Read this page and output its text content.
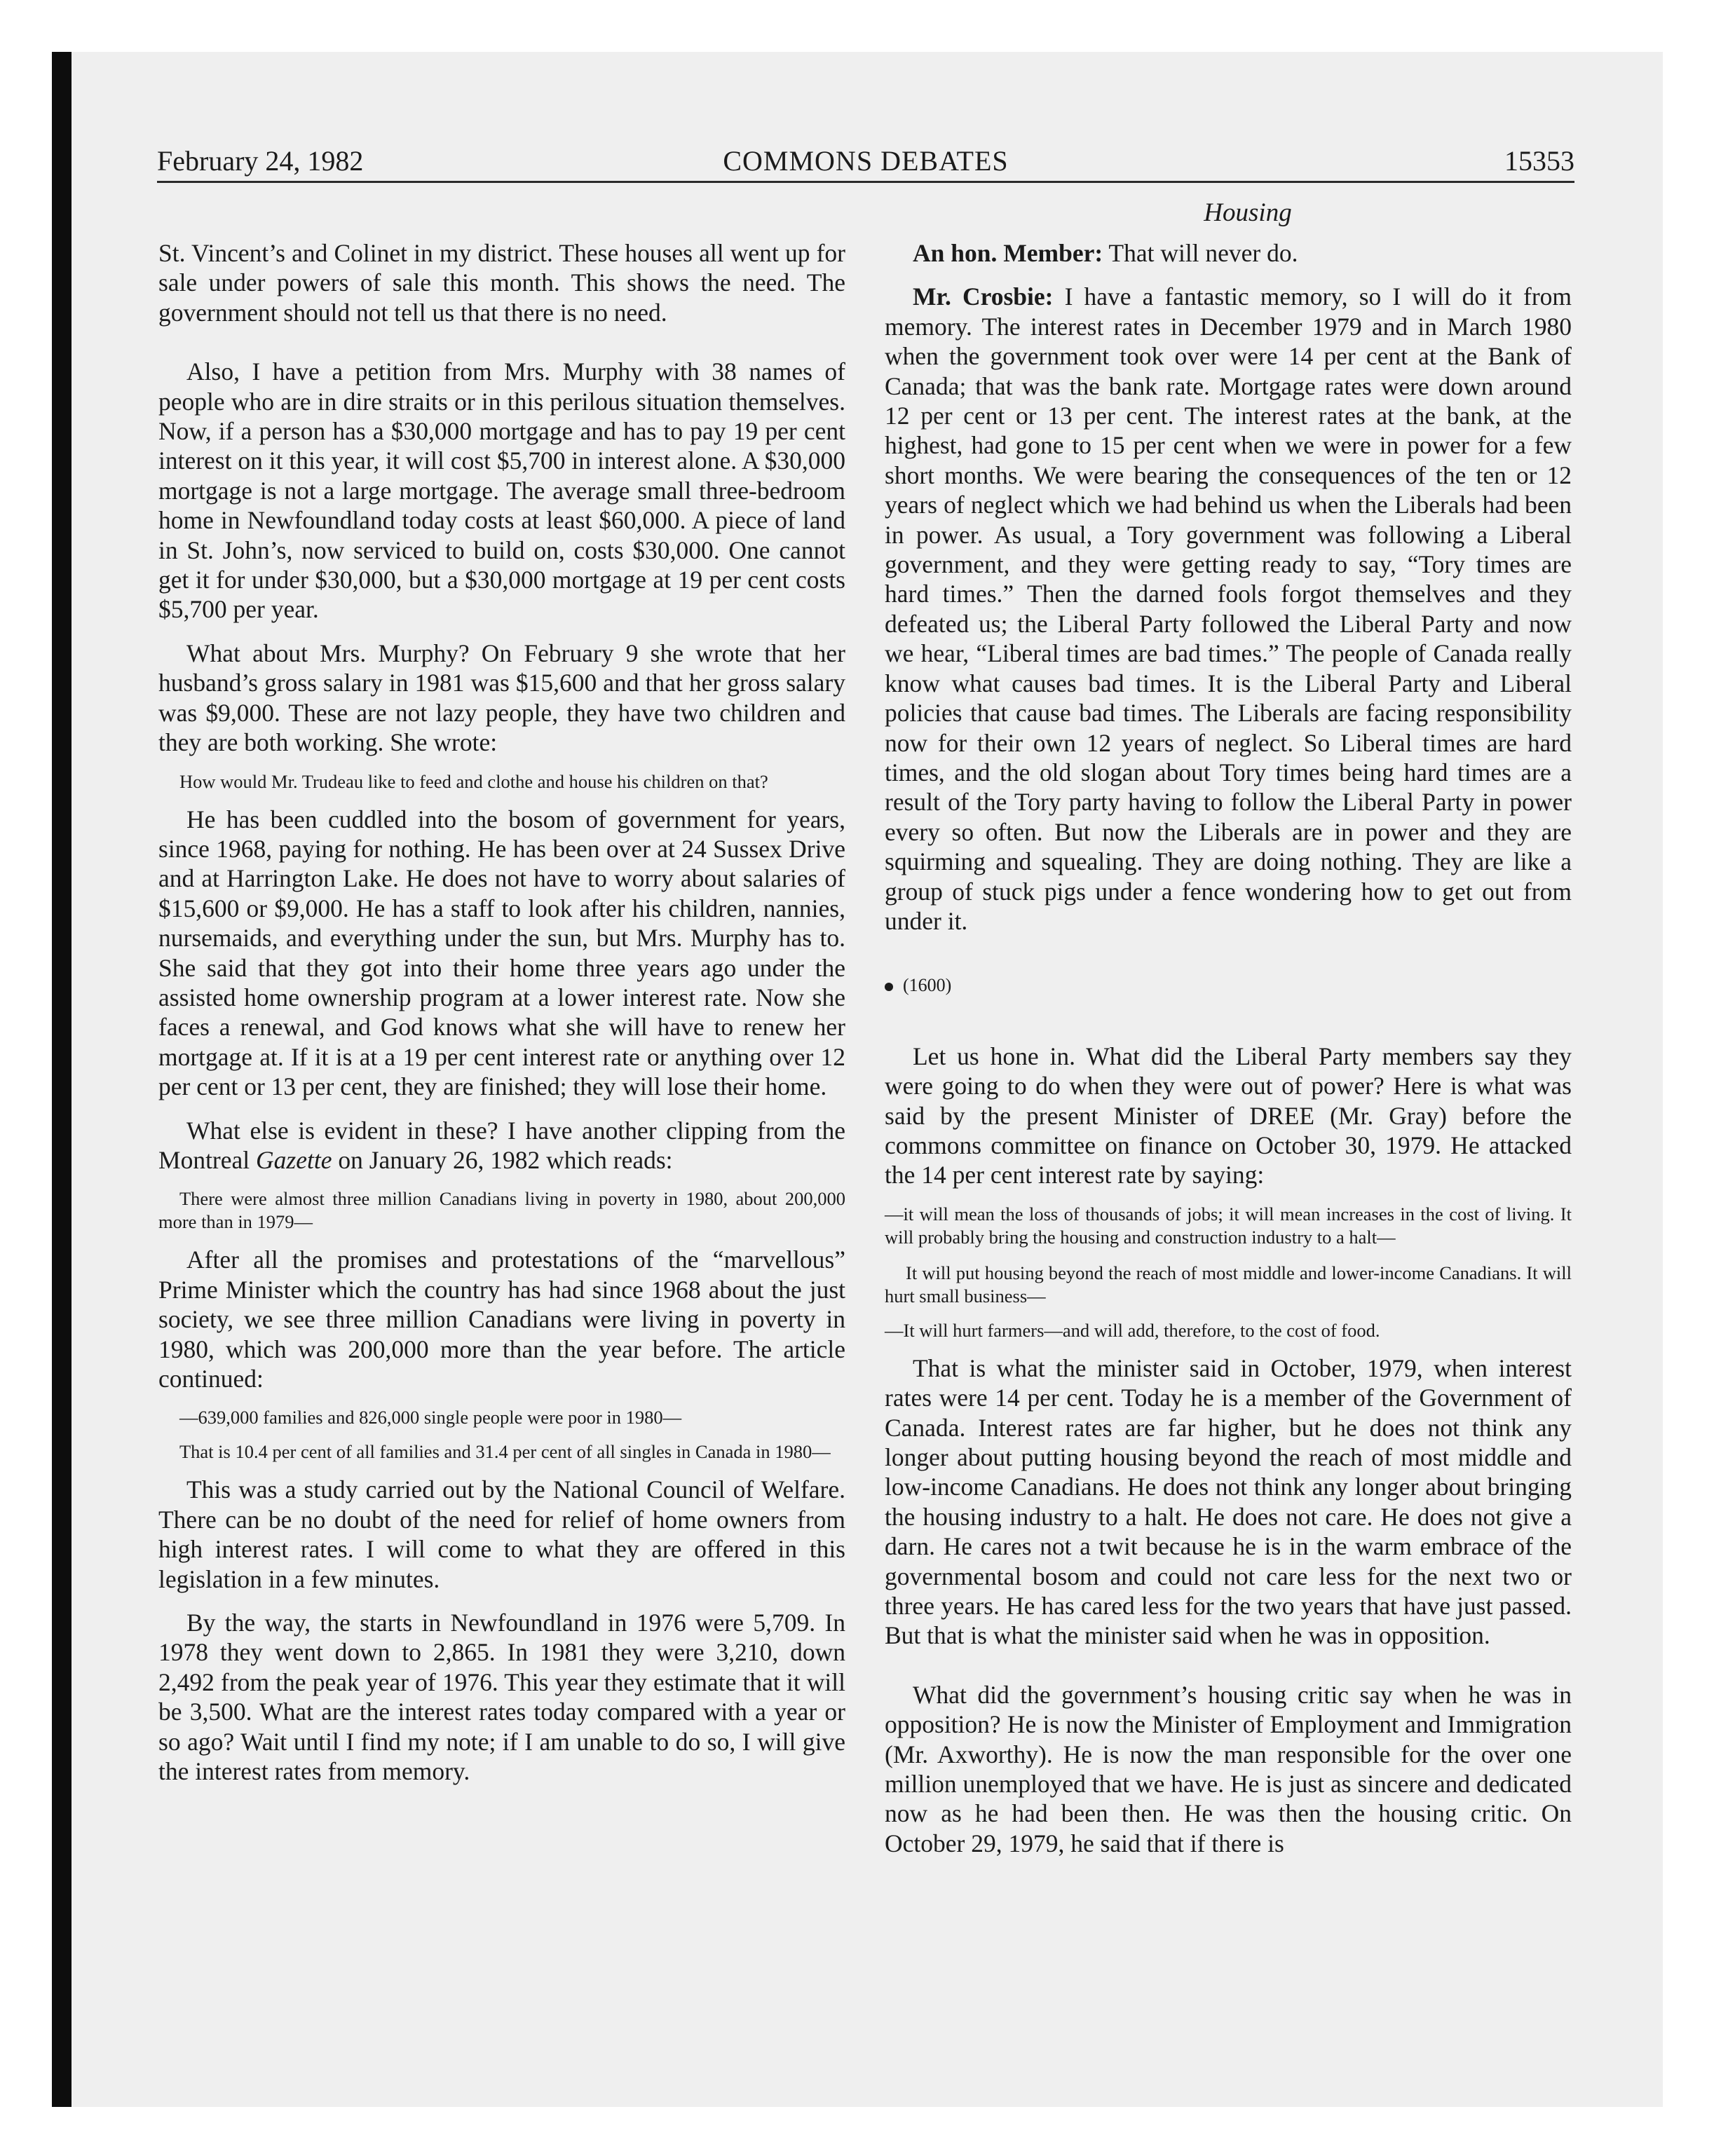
February 24, 1982	COMMONS DEBATES	15353
Housing

St. Vincent’s and Colinet in my district. These houses all went up for sale under powers of sale this month. This shows the need. The government should not tell us that there is no need.

Also, I have a petition from Mrs. Murphy with 38 names of people who are in dire straits or in this perilous situation themselves. Now, if a person has a $30,000 mortgage and has to pay 19 per cent interest on it this year, it will cost $5,700 in interest alone. A $30,000 mortgage is not a large mortgage. The average small three-bedroom home in Newfoundland today costs at least $60,000. A piece of land in St. John’s, now serviced to build on, costs $30,000. One cannot get it for under $30,000, but a $30,000 mortgage at 19 per cent costs $5,700 per year.

What about Mrs. Murphy? On February 9 she wrote that her husband’s gross salary in 1981 was $15,600 and that her gross salary was $9,000. These are not lazy people, they have two children and they are both working. She wrote:

How would Mr. Trudeau like to feed and clothe and house his children on that?

He has been cuddled into the bosom of government for years, since 1968, paying for nothing. He has been over at 24 Sussex Drive and at Harrington Lake. He does not have to worry about salaries of $15,600 or $9,000. He has a staff to look after his children, nannies, nursemaids, and everything under the sun, but Mrs. Murphy has to. She said that they got into their home three years ago under the assisted home ownership program at a lower interest rate. Now she faces a renewal, and God knows what she will have to renew her mortgage at. If it is at a 19 per cent interest rate or anything over 12 per cent or 13 per cent, they are finished; they will lose their home.

What else is evident in these? I have another clipping from the Montreal Gazette on January 26, 1982 which reads:

There were almost three million Canadians living in poverty in 1980, about 200,000 more than in 1979—

After all the promises and protestations of the “marvellous” Prime Minister which the country has had since 1968 about the just society, we see three million Canadians were living in poverty in 1980, which was 200,000 more than the year before. The article continued:

—639,000 families and 826,000 single people were poor in 1980—
That is 10.4 per cent of all families and 31.4 per cent of all singles in Canada in 1980—

This was a study carried out by the National Council of Welfare. There can be no doubt of the need for relief of home owners from high interest rates. I will come to what they are offered in this legislation in a few minutes.

By the way, the starts in Newfoundland in 1976 were 5,709. In 1978 they went down to 2,865. In 1981 they were 3,210, down 2,492 from the peak year of 1976. This year they estimate that it will be 3,500. What are the interest rates today compared with a year or so ago? Wait until I find my note; if I am unable to do so, I will give the interest rates from memory.

An hon. Member: That will never do.

Mr. Crosbie: I have a fantastic memory, so I will do it from memory. The interest rates in December 1979 and in March 1980 when the government took over were 14 per cent at the Bank of Canada; that was the bank rate. Mortgage rates were down around 12 per cent or 13 per cent. The interest rates at the bank, at the highest, had gone to 15 per cent when we were in power for a few short months. We were bearing the consequences of the ten or 12 years of neglect which we had behind us when the Liberals had been in power. As usual, a Tory government was following a Liberal government, and they were getting ready to say, “Tory times are hard times.” Then the darned fools forgot themselves and they defeated us; the Liberal Party followed the Liberal Party and now we hear, “Liberal times are bad times.” The people of Canada really know what causes bad times. It is the Liberal Party and Liberal policies that cause bad times. The Liberals are facing responsibility now for their own 12 years of neglect. So Liberal times are hard times, and the old slogan about Tory times being hard times are a result of the Tory party having to follow the Liberal Party in power every so often. But now the Liberals are in power and they are squirming and squealing. They are doing nothing. They are like a group of stuck pigs under a fence wondering how to get out from under it.

(1600)

Let us hone in. What did the Liberal Party members say they were going to do when they were out of power? Here is what was said by the present Minister of DREE (Mr. Gray) before the commons committee on finance on October 30, 1979. He attacked the 14 per cent interest rate by saying:

—it will mean the loss of thousands of jobs; it will mean increases in the cost of living. It will probably bring the housing and construction industry to a halt—
It will put housing beyond the reach of most middle and lower-income Canadians. It will hurt small business—
—It will hurt farmers—and will add, therefore, to the cost of food.

That is what the minister said in October, 1979, when interest rates were 14 per cent. Today he is a member of the Government of Canada. Interest rates are far higher, but he does not think any longer about putting housing beyond the reach of most middle and low-income Canadians. He does not think any longer about bringing the housing industry to a halt. He does not care. He does not give a darn. He cares not a twit because he is in the warm embrace of the governmental bosom and could not care less for the next two or three years. He has cared less for the two years that have just passed. But that is what the minister said when he was in opposition.

What did the government’s housing critic say when he was in opposition? He is now the Minister of Employment and Immigration (Mr. Axworthy). He is now the man responsible for the over one million unemployed that we have. He is just as sincere and dedicated now as he had been then. He was then the housing critic. On October 29, 1979, he said that if there is
